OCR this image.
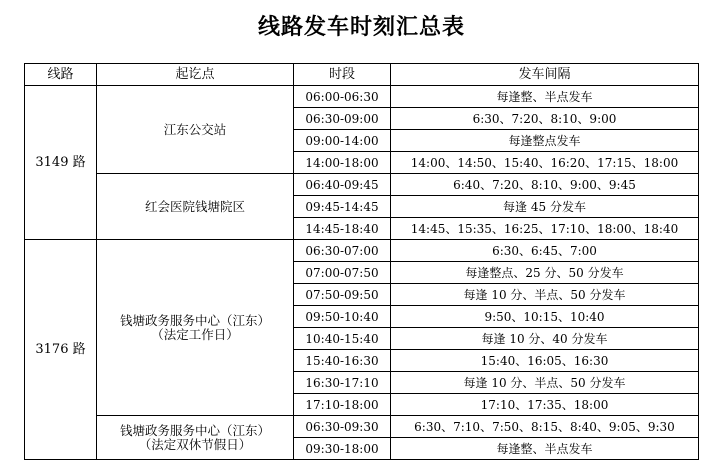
线路发车时刻汇总表
线路	起讫点	时段	发车间隔
3149 路	江东公交站	06:00-06:30	每逢整、半点发车
		06:30-09:00	6:30、7:20、8:10、9:00
		09:00-14:00	每逢整点发车
		14:00-18:00	14:00、14:50、15:40、16:20、17:15、18:00

	红会医院钱塘院区	06:40-09:45	6:40、7:20、8:10、9:00、9:45
		09:45-14:45	每逢 45 分发车
		14:45-18:40	14:45、15:35、16:25、17:10、18:00、18:40
3176 路	钱塘政务服务中心（江东）
（法定工作日）	06:30-07:00	6:30、6:45、7:00
		07:00-07:50	每逢整点、25 分、50 分发车
		07:50-09:50	每逢 10 分、半点、50 分发车
		09:50-10:40	9:50、10:15、10:40
		10:40-15:40	每逢 10 分、40 分发车
		15:40-16:30	15:40、16:05、16:30
		16:30-17:10	每逢 10 分、半点、50 分发车
		17:10-18:00	17:10、17:35、18:00

	钱塘政务服务中心（江东）
（法定双休节假日）	06:30-09:30	6:30、7:10、7:50、8:15、8:40、9:05、9:30
		09:30-18:00	每逢整、半点发车
